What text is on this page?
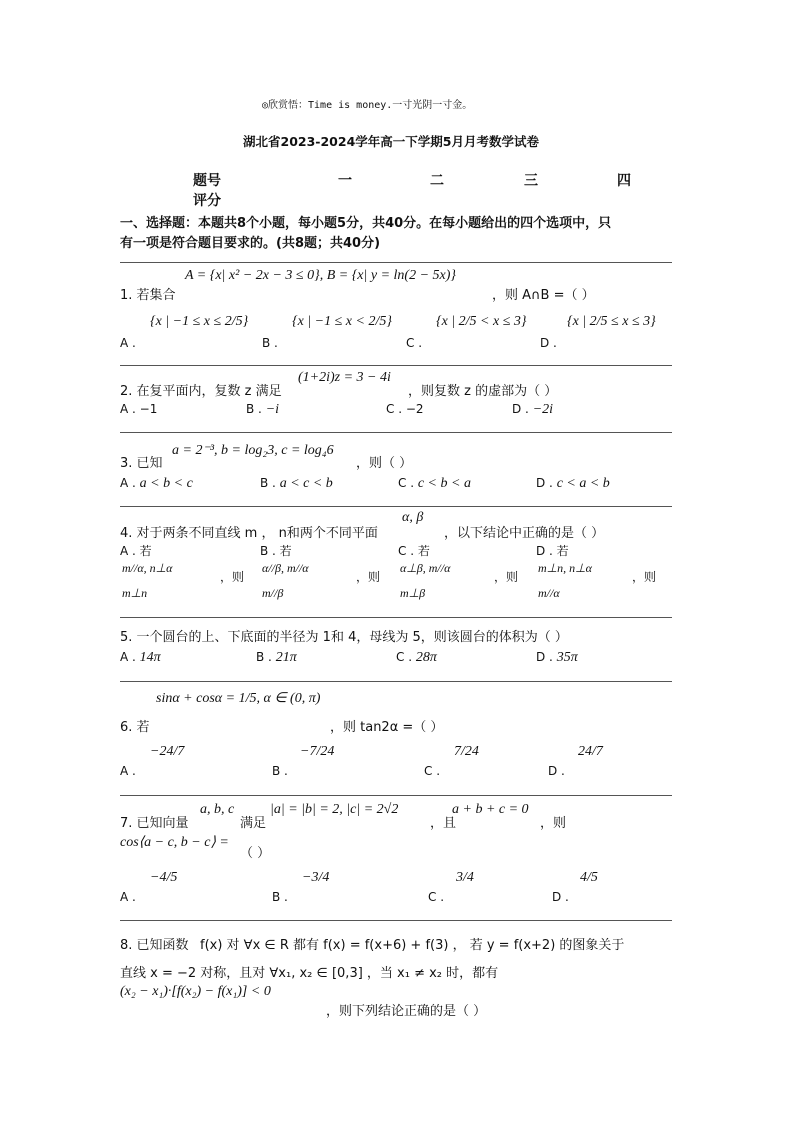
◎欣赏悟：Time is money.一寸光阴一寸金。
湖北省2023-2024学年高一下学期5月月考数学试卷
题号	一	二	三	四
评分
一、选择题：本题共8个小题，每小题5分，共40分。在每小题给出的四个选项中，只
有一项是符合题目要求的。(共8题；共40分)
1. 若集合
A = {x| x² − 2x − 3 ≤ 0}, B = {x| y = ln(2 − 5x)}
，则 A∩B =（ ）
A .
{x | −1 ≤ x ≤ 2/5}
B .
{x | −1 ≤ x < 2/5}
C .
{x | 2/5 < x ≤ 3}
D .
{x | 2/5 ≤ x ≤ 3}
2. 在复平面内，复数 z 满足
(1+2i)z = 3 − 4i
，则复数 z 的虚部为（ ）
A . −1	B . −i	C . −2	D . −2i
3. 已知
a = 2⁻³, b = log₂3, c = log₄6
，则（ ）
A . a < b < c	B . a < c < b	C . c < b < a	D . c < a < b
4. 对于两条不同直线 m ， n和两个不同平面
α, β
，以下结论中正确的是（ ）
A . 若
m//α, n⊥α
，则
m⊥n
B . 若
α//β, m//α
，则
m//β
C . 若
α⊥β, m//α
，则
m⊥β
D . 若
m⊥n, n⊥α
，则
m//α
5. 一个圆台的上、下底面的半径为 1和 4，母线为 5，则该圆台的体积为（ ）
A . 14π	B . 21π	C . 28π	D . 35π
sinα + cosα = 1/5, α ∈ (0, π)
6. 若	，则 tan2α =（ ）
A .
−24/7
B .
−7/24
C .
7/24
D .
24/7
7. 已知向量
a, b, c
满足
|a| = |b| = 2, |c| = 2√2
，且
a + b + c = 0
，则
cos⟨a − c, b − c⟩ =
（ ）
A .
−4/5
B .
−3/4
C .
3/4
D .
4/5
8. 已知函数 f(x) 对 ∀x ∈ R 都有 f(x) = f(x+6) + f(3) ， 若 y = f(x+2) 的图象关于
直线 x = −2 对称，且对 ∀x₁, x₂ ∈ [0,3] ，当 x₁ ≠ x₂ 时，都有
(x₂ − x₁)·[f(x₂) − f(x₁)] < 0
，则下列结论正确的是（ ）
